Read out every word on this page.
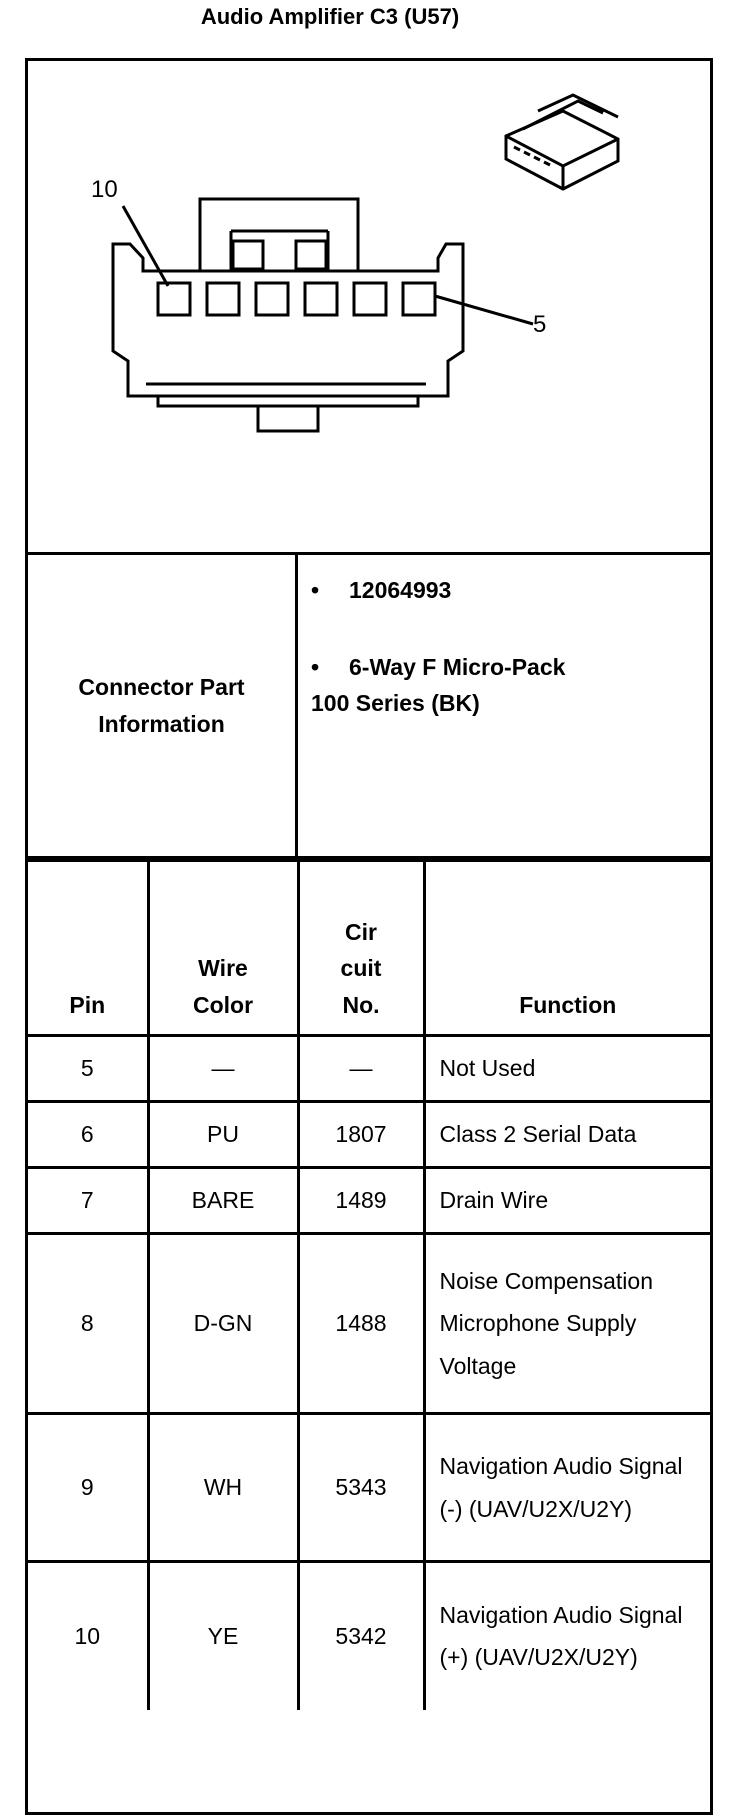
Audio Amplifier C3 (U57)
10
5
Connector Part Information
• 12064993
• 6-Way F Micro-Pack
100 Series (BK)
Pin	Wire Color	Cir cuit No.	Function
5	—	—	Not Used
6	PU	1807	Class 2 Serial Data
7	BARE	1489	Drain Wire
8	D-GN	1488	Noise Compensation Microphone Supply Voltage
9	WH	5343	Navigation Audio Signal (-) (UAV/U2X/U2Y)
10	YE	5342	Navigation Audio Signal (+) (UAV/U2X/U2Y)
